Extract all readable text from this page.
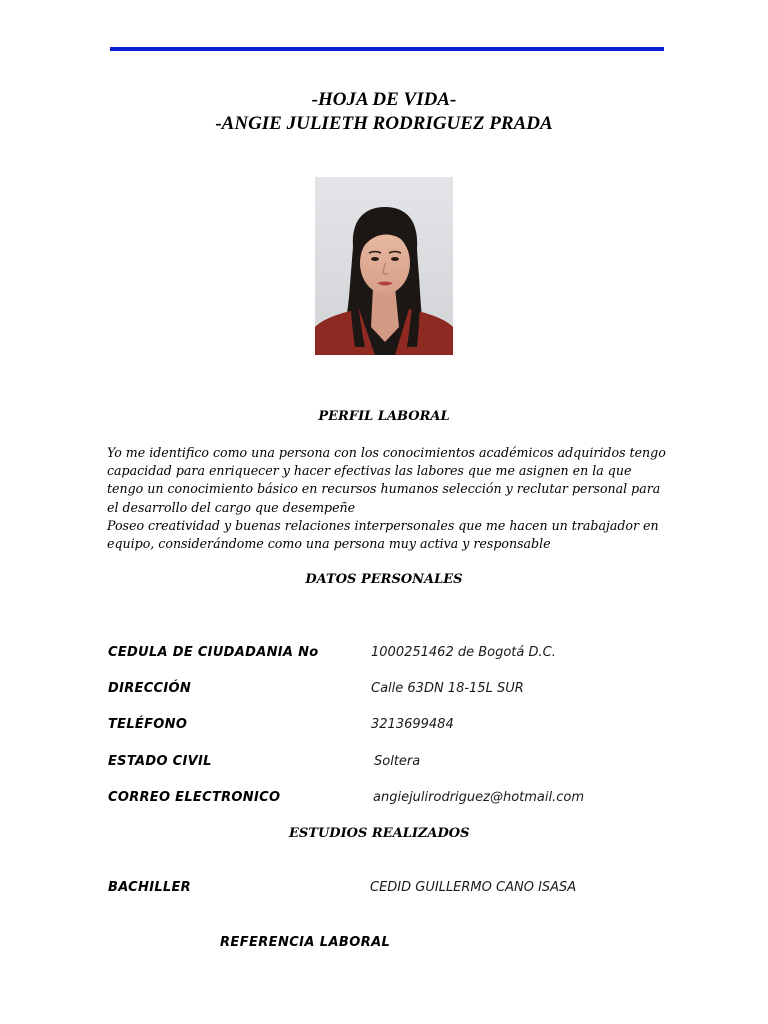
-HOJA DE VIDA-
-ANGIE JULIETH RODRIGUEZ PRADA
PERFIL LABORAL

Yo me identifico como una persona con los conocimientos académicos adquiridos tengo capacidad para enriquecer y hacer efectivas las labores que me asignen en la que tengo un conocimiento básico en recursos humanos selección y reclutar personal para el desarrollo del cargo que desempeñe

Poseo creatividad y buenas relaciones interpersonales que me hacen un trabajador en equipo, considerándome como una persona muy activa y responsable

DATOS PERSONALES
CEDULA DE CIUDADANIA No	1000251462 de Bogotá D.C.
DIRECCIÓN	Calle 63DN 18-15L SUR
TELÉFONO	3213699484
ESTADO CIVIL	Soltera
CORREO ELECTRONICO	angiejulirodriguez@hotmail.com
ESTUDIOS REALIZADOS
BACHILLER	CEDID GUILLERMO CANO ISASA
REFERENCIA LABORAL
